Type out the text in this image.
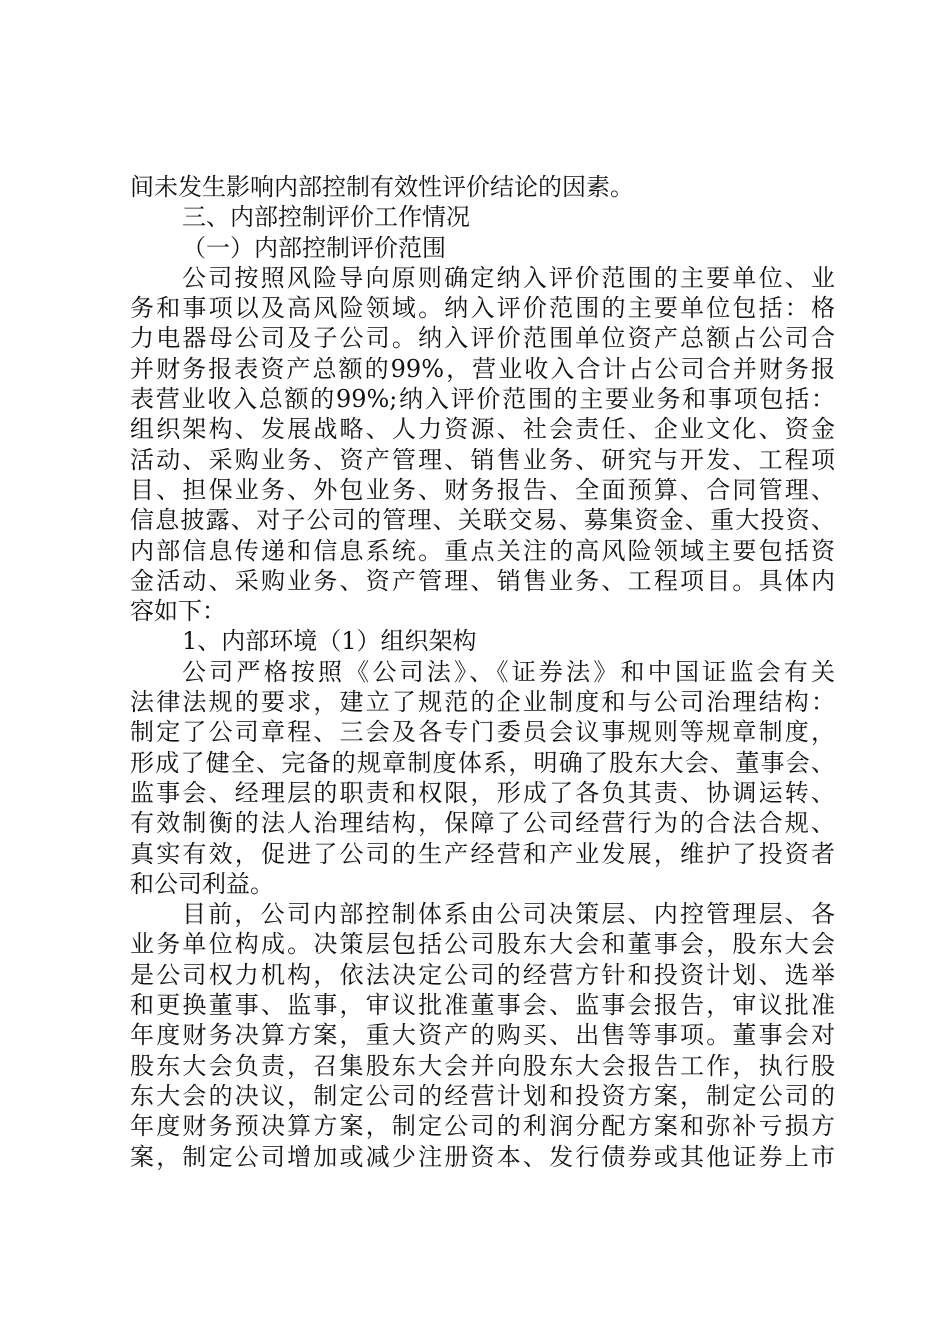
间未发生影响内部控制有效性评价结论的因素。
三、内部控制评价工作情况
（一）内部控制评价范围
公司按照风险导向原则确定纳入评价范围的主要单位、业
务和事项以及高风险领域。纳入评价范围的主要单位包括：格
力电器母公司及子公司。纳入评价范围单位资产总额占公司合
并财务报表资产总额的99%，营业收入合计占公司合并财务报
表营业收入总额的99%;纳入评价范围的主要业务和事项包括：
组织架构、发展战略、人力资源、社会责任、企业文化、资金
活动、采购业务、资产管理、销售业务、研究与开发、工程项
目、担保业务、外包业务、财务报告、全面预算、合同管理、
信息披露、对子公司的管理、关联交易、募集资金、重大投资、
内部信息传递和信息系统。重点关注的高风险领域主要包括资
金活动、采购业务、资产管理、销售业务、工程项目。具体内
容如下：
1、内部环境（1）组织架构
公司严格按照《公司法》、《证券法》和中国证监会有关
法律法规的要求，建立了规范的企业制度和与公司治理结构：
制定了公司章程、三会及各专门委员会议事规则等规章制度，
形成了健全、完备的规章制度体系，明确了股东大会、董事会、
监事会、经理层的职责和权限，形成了各负其责、协调运转、
有效制衡的法人治理结构，保障了公司经营行为的合法合规、
真实有效，促进了公司的生产经营和产业发展，维护了投资者
和公司利益。
目前，公司内部控制体系由公司决策层、内控管理层、各
业务单位构成。决策层包括公司股东大会和董事会，股东大会
是公司权力机构，依法决定公司的经营方针和投资计划、选举
和更换董事、监事，审议批准董事会、监事会报告，审议批准
年度财务决算方案，重大资产的购买、出售等事项。董事会对
股东大会负责，召集股东大会并向股东大会报告工作，执行股
东大会的决议，制定公司的经营计划和投资方案，制定公司的
年度财务预决算方案，制定公司的利润分配方案和弥补亏损方
案，制定公司增加或减少注册资本、发行债券或其他证券上市
